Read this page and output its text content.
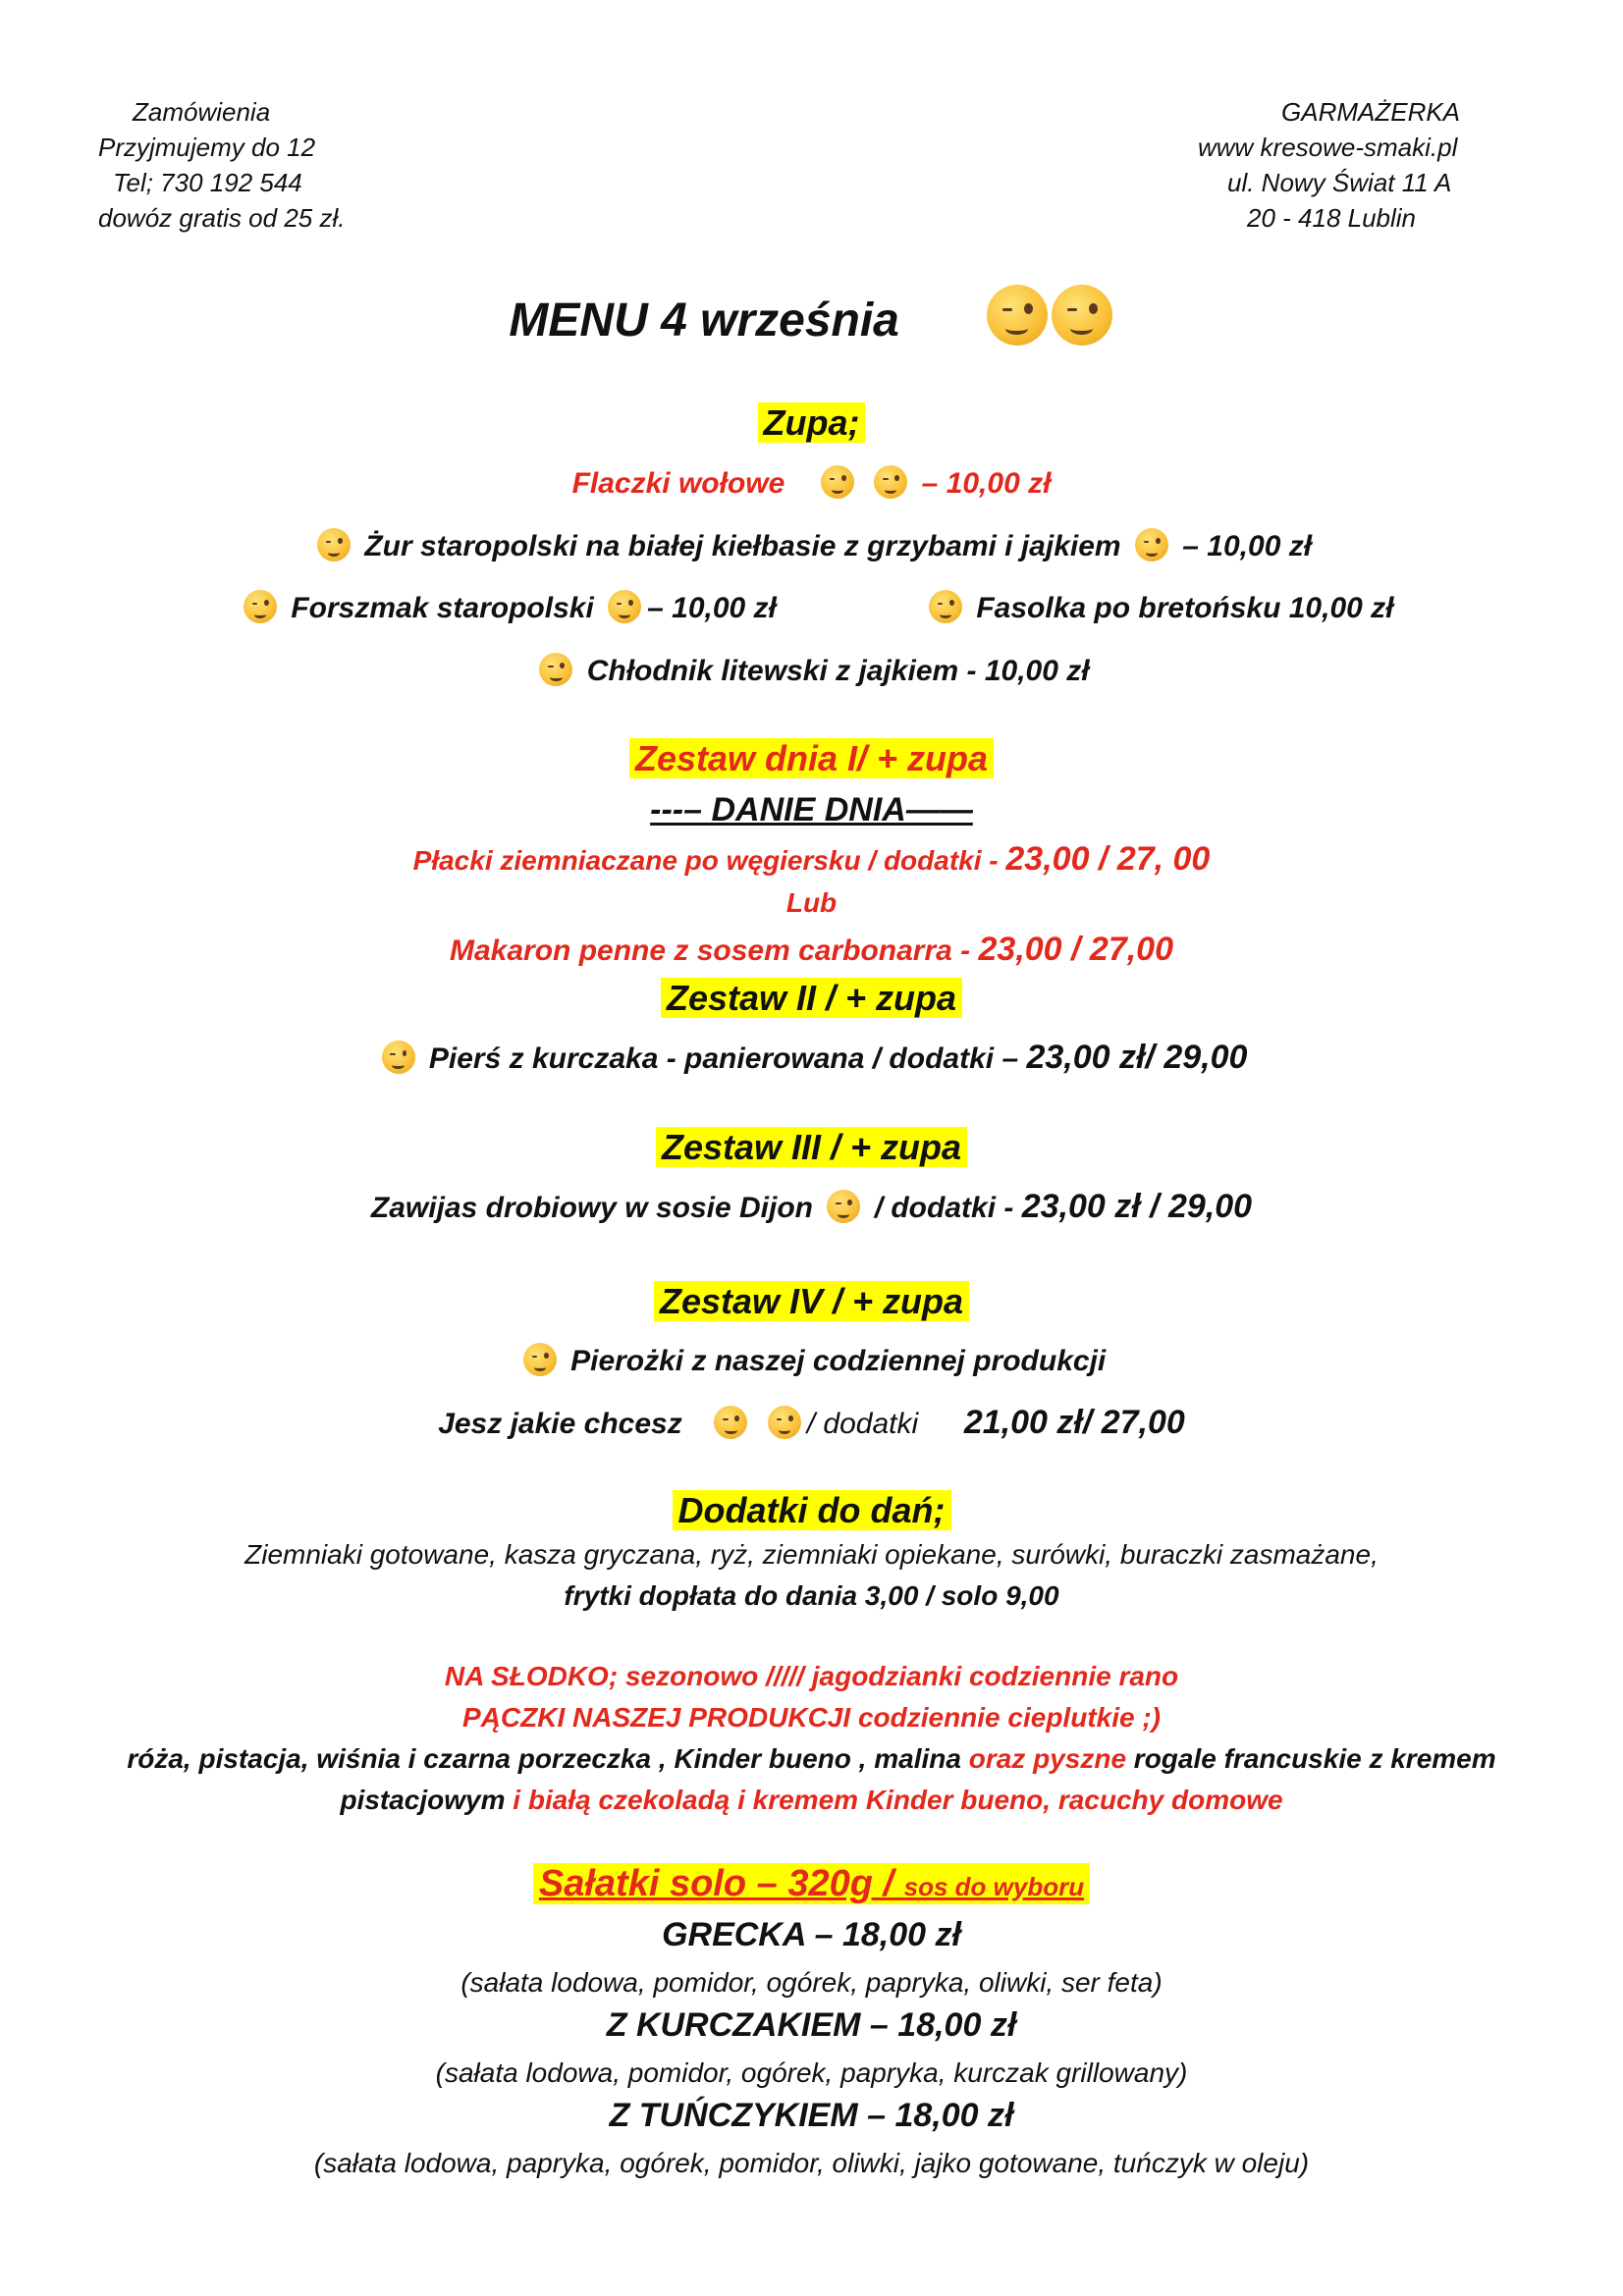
Zamówienia
Przyjmujemy do 12
Tel; 730 192 544
dowóz gratis od 25 zł.
GARMAŻERKA
www kresowe-smaki.pl
ul. Nowy Świat 11 A
20 - 418 Lublin
MENU 4 września
Zupa;
Flaczki wołowe
	– 10,00 zł
Żur staropolski na białej kiełbasie z grzybami i jajkiem – 10,00 zł
Forszmak staropolski – 10,00 zł	Fasolka po bretońsku 10,00 zł
Chłodnik litewski z jajkiem - 10,00 zł
Zestaw dnia I/ + zupa
---– DANIE DNIA——
Płacki ziemniaczane po węgiersku / dodatki - 23,00 / 27, 00
Lub
Makaron penne z sosem carbonarra - 23,00 / 27,00
Zestaw II / + zupa
Pierś z kurczaka - panierowana / dodatki – 23,00 zł/ 29,00
Zestaw III / + zupa
Zawijas drobiowy w sosie Dijon / dodatki - 23,00 zł / 29,00
Zestaw IV / + zupa
Pierożki z naszej codziennej produkcji
Jesz jakie chcesz
	/ dodatki 21,00 zł/ 27,00
Dodatki do dań;
Ziemniaki gotowane, kasza gryczana, ryż, ziemniaki opiekane, surówki, buraczki zasmażane,
frytki dopłata do dania 3,00 / solo 9,00
NA SŁODKO; sezonowo ///// jagodzianki codziennie rano
PĄCZKI NASZEJ PRODUKCJI codziennie cieplutkie ;)
róża, pistacja, wiśnia i czarna porzeczka , Kinder bueno , malina oraz pyszne rogale francuskie z kremem
pistacjowym i białą czekoladą i kremem Kinder bueno, racuchy domowe
Sałatki solo – 320g / sos do wyboru
GRECKA – 18,00 zł
(sałata lodowa, pomidor, ogórek, papryka, oliwki, ser feta)
Z KURCZAKIEM – 18,00 zł
(sałata lodowa, pomidor, ogórek, papryka, kurczak grillowany)
Z TUŃCZYKIEM – 18,00 zł
(sałata lodowa, papryka, ogórek, pomidor, oliwki, jajko gotowane, tuńczyk w oleju)
